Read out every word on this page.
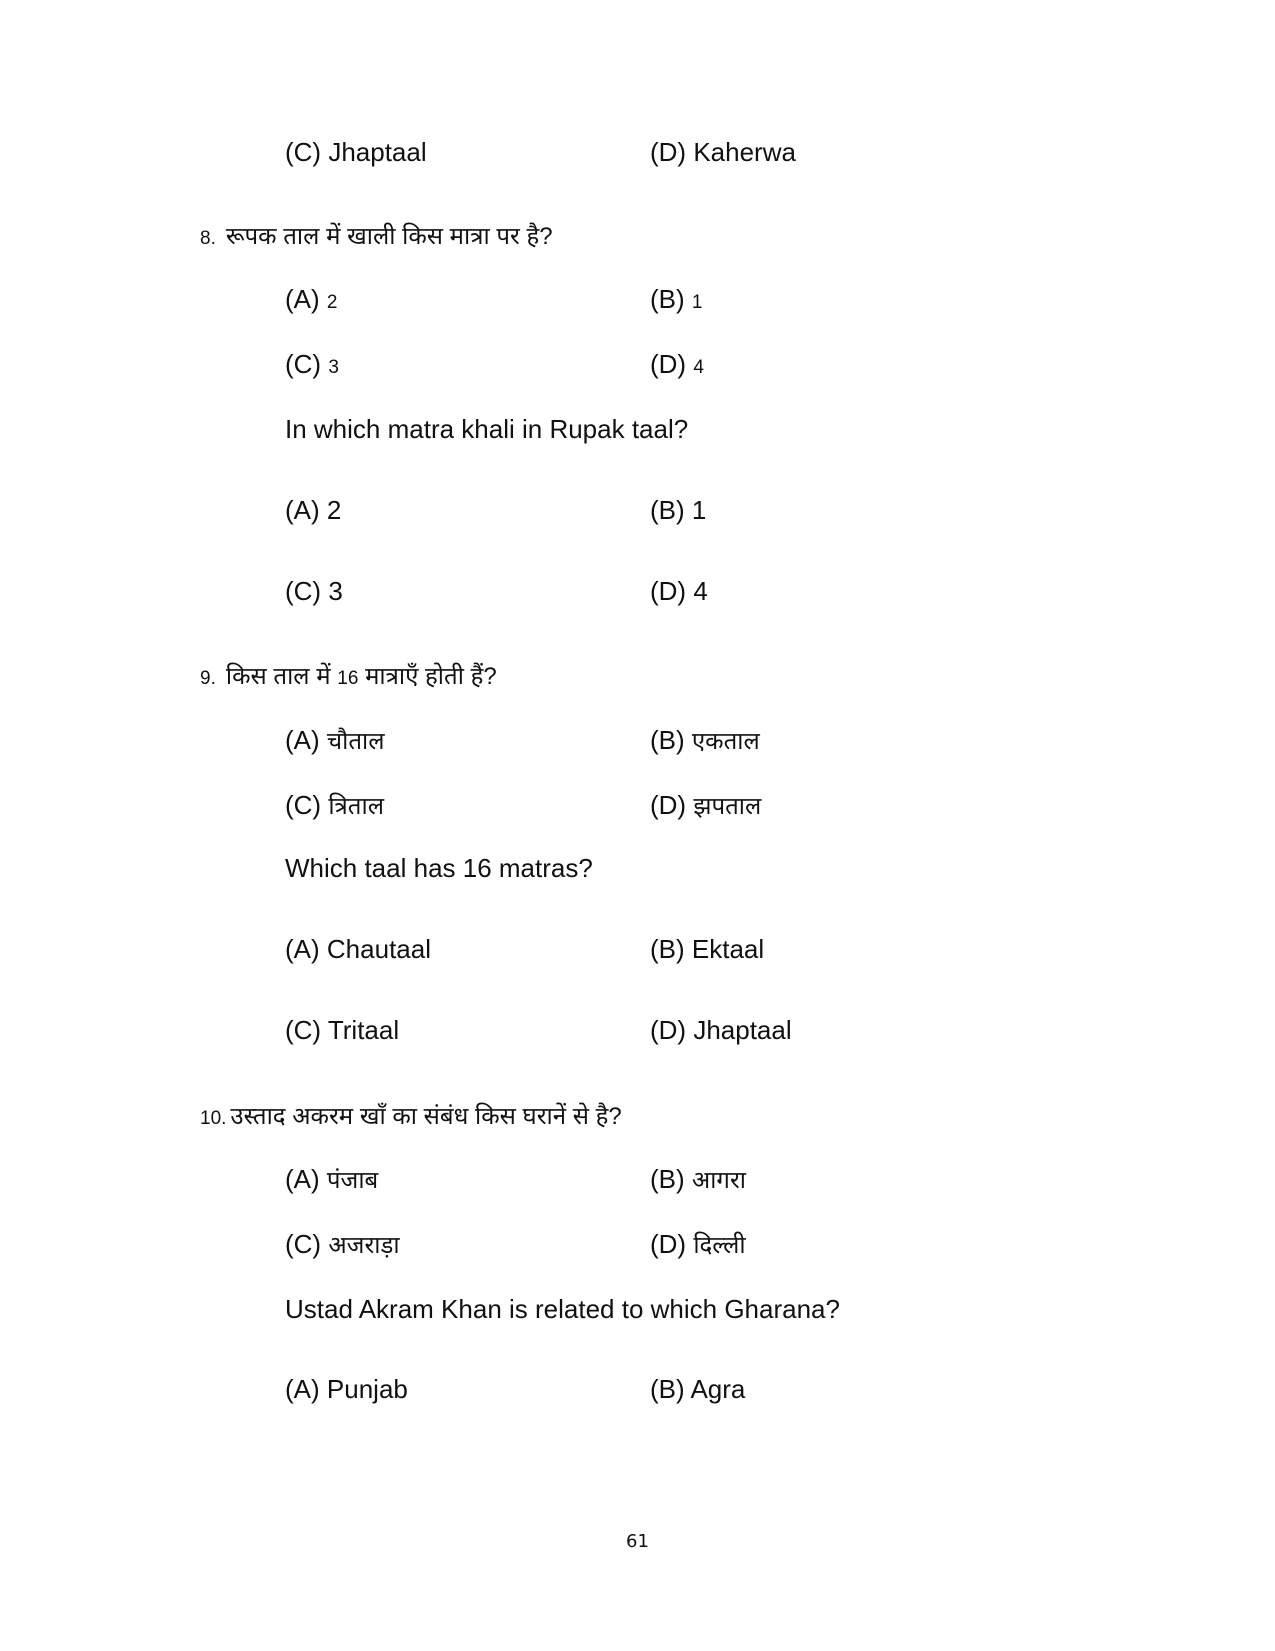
(C) Jhaptaal	(D) Kaherwa
8. रूपक ताल में खाली किस मात्रा पर है?
(A) 2	(B) 1
(C) 3	(D) 4
In which matra khali in Rupak taal?
(A) 2	(B) 1
(C) 3	(D) 4
9. किस ताल में 16 मात्राएँ होती हैं?
(A) चौताल	(B) एकताल
(C) त्रिताल	(D) झपताल
Which taal has 16 matras?
(A) Chautaal	(B) Ektaal
(C) Tritaal	(D) Jhaptaal
10. उस्ताद अकरम खाँ का संबंध किस घरानें से है?
(A) पंजाब	(B) आगरा
(C) अजराड़ा	(D) दिल्ली
Ustad Akram Khan is related to which Gharana?
(A) Punjab	(B) Agra
61
